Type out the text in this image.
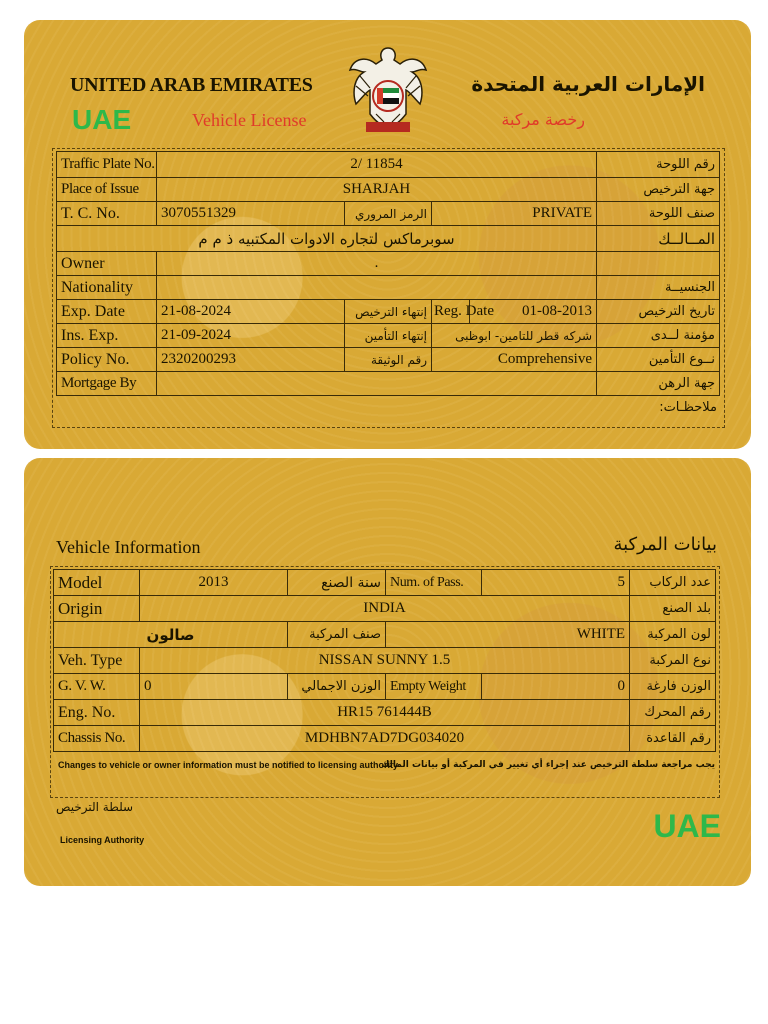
UNITED ARAB EMIRATES
UAE	Vehicle License
الإمارات العربية المتحدة
رخصة مركبة
Traffic Plate No.	2/ 11854				رقم اللوحة
Place of Issue	SHARJAH				جهة الترخيص
T. C. No.	3070551329	الرمز المروري	PRIVATE		صنف اللوحة
سوبرماكس لتجاره الادوات المكتبيه ذ م م					المــالــك
Owner	.				
Nationality					الجنسيــة
Exp. Date	21-08-2024	إنتهاء الترخيص	Reg. Date	01-08-2013	تاريخ الترخيص
Ins. Exp.	21-09-2024	إنتهاء التأمين	شركه قطر للتامين- ابوظبى		مؤمنة لــدى
Policy No.	2320200293	رقم الوثيقة	Comprehensive		نــوع التأمين
Mortgage By					جهة الرهن
ملاحظـات:
Vehicle Information	بيانات المركبة
Model	2013	سنة الصنع	Num. of Pass.	5	عدد الركاب
Origin	INDIA				بلد الصنع
صالون		صنف المركبة	WHITE		لون المركبة
Veh. Type	NISSAN SUNNY 1.5				نوع المركبة
G. V. W.	0	الوزن الاجمالي	Empty Weight	0	الوزن فارغة
Eng. No.	HR15 761444B				رقم المحرك
Chassis No.	MDHBN7AD7DG034020				رقم القاعدة
Changes to vehicle or owner information must be notified to licensing authority
يجب مراجعة سلطة الترخيص عند إجراء أي تغيير في المركبة أو بيانات المالك
سلطة الترخيص
Licensing Authority	UAE
